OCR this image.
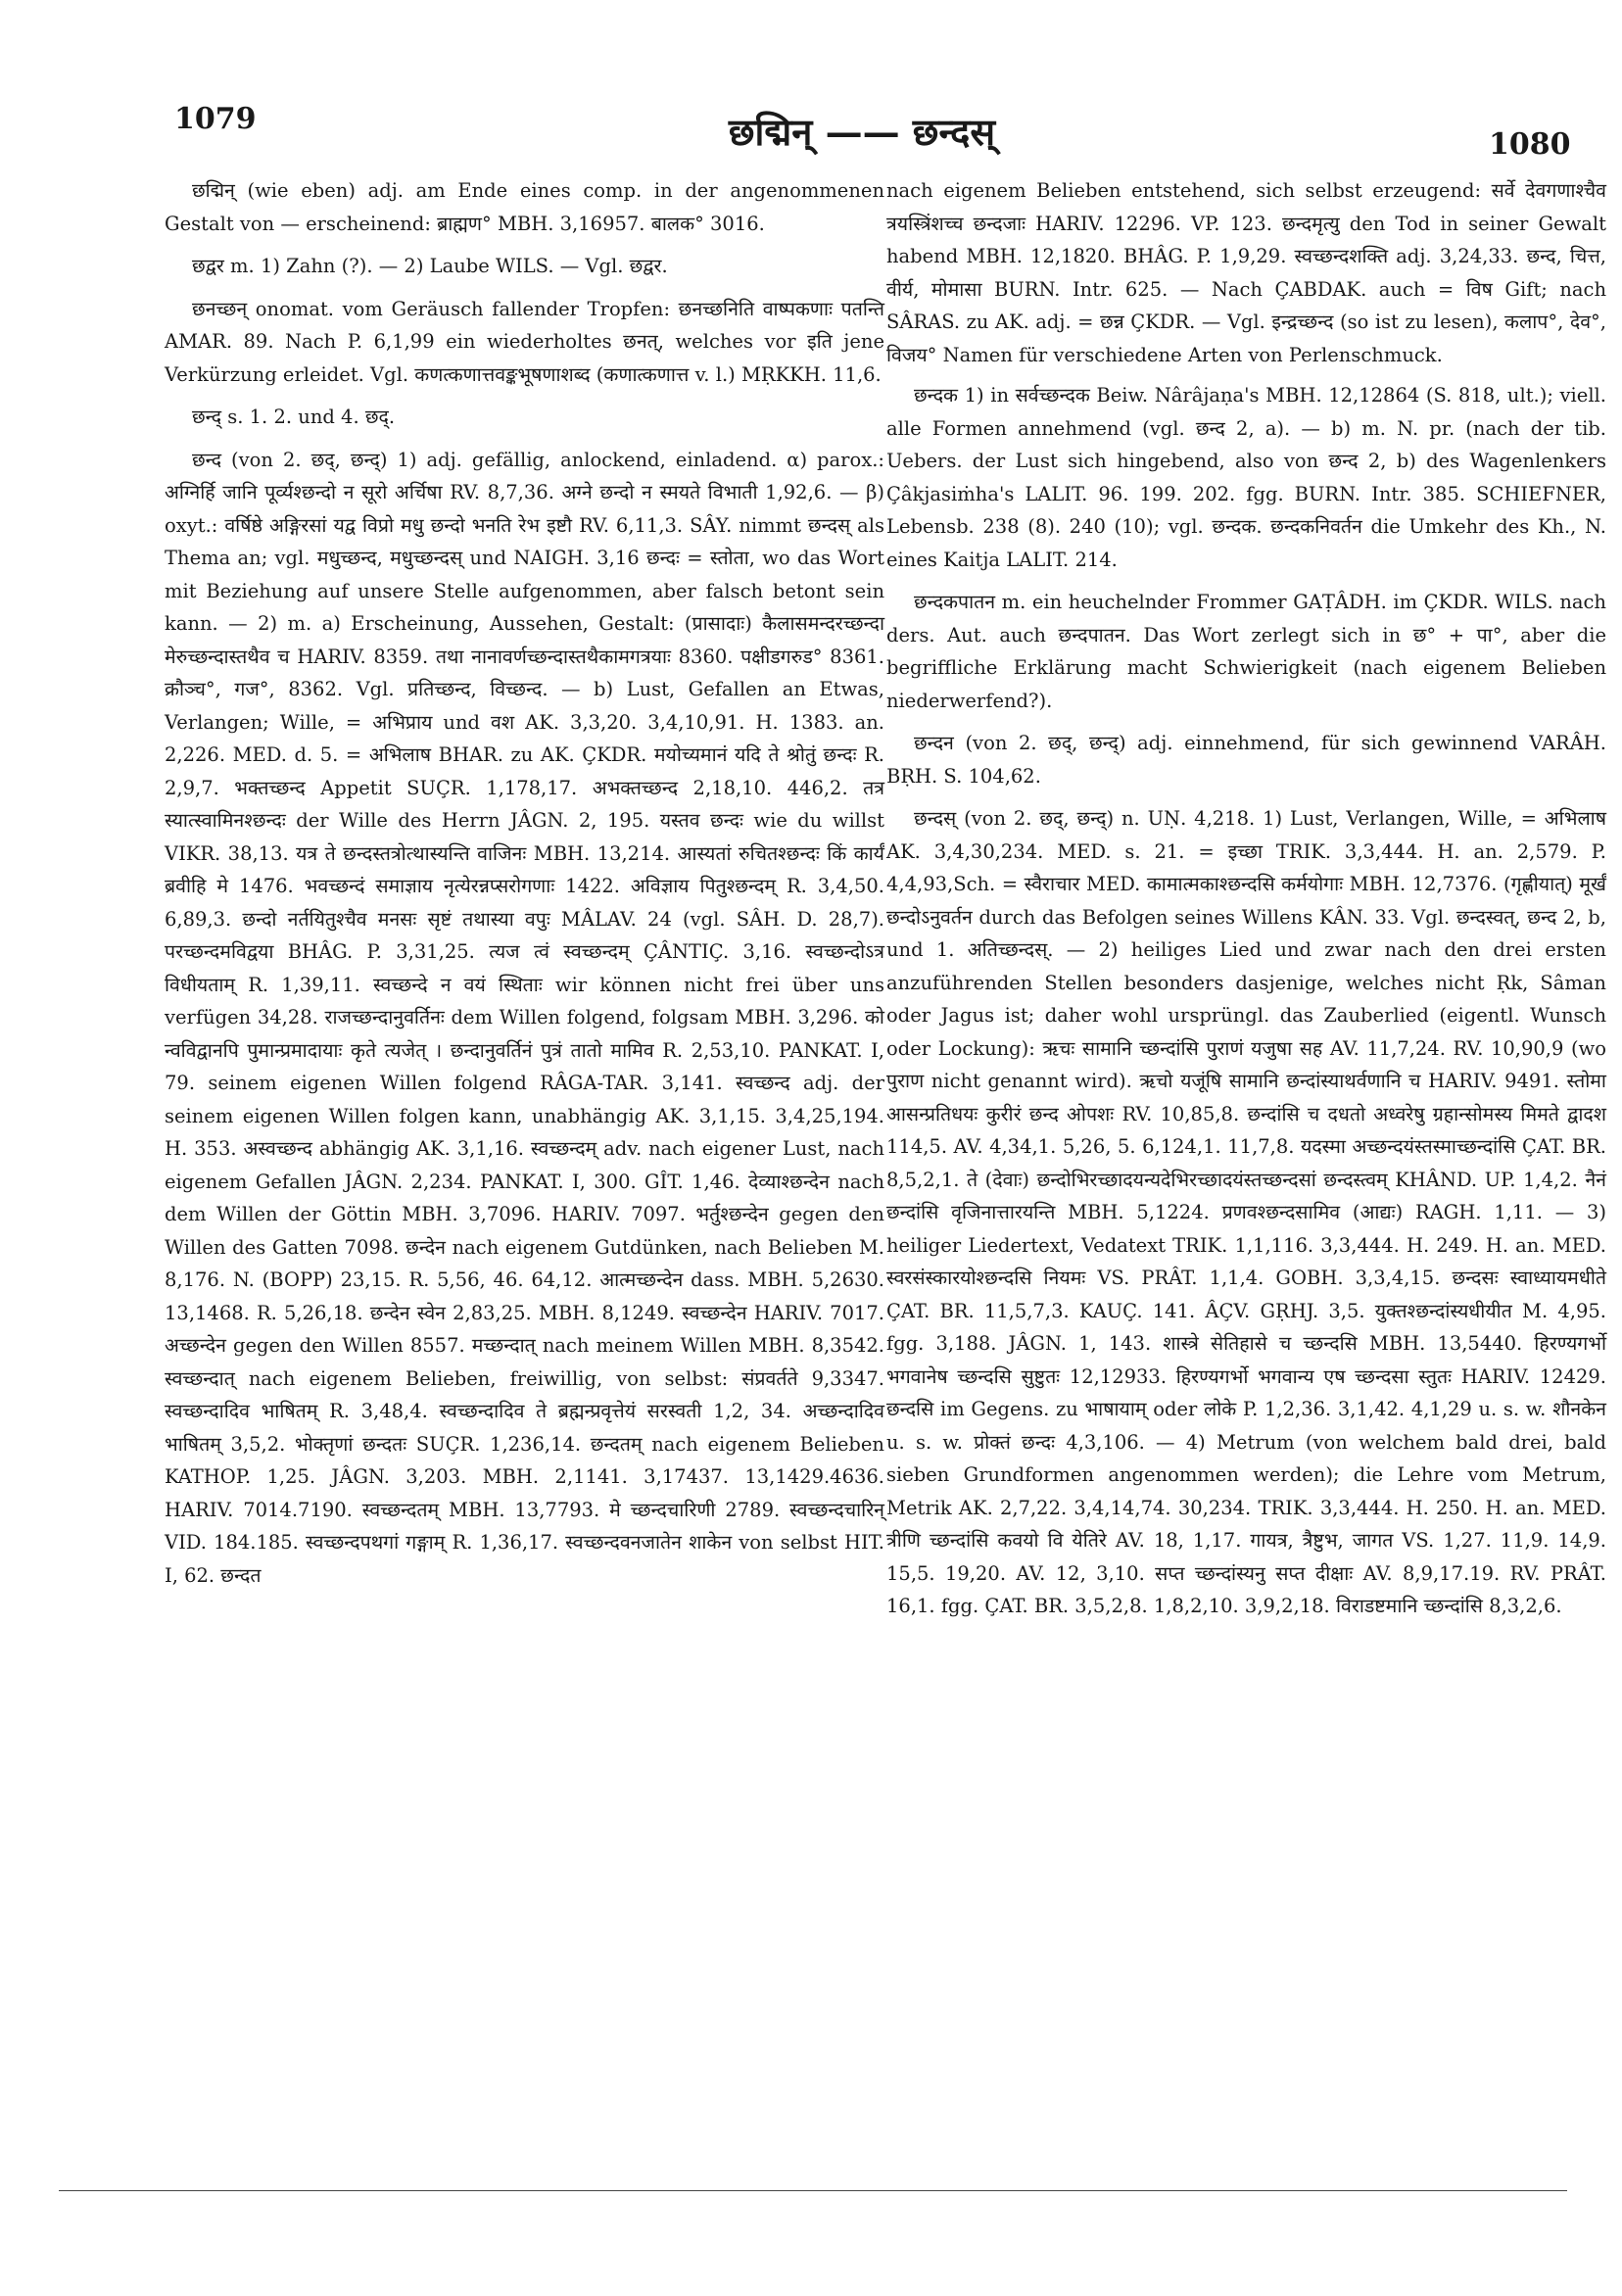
1079	छद्मिन् —— छन्दस्	1080

छद्मिन् (wie eben) adj. am Ende eines comp. in der angenommenen Gestalt von — erscheinend: ब्राह्मण° MBH. 3,16957. बालक° 3016.

छद्वर m. 1) Zahn (?). — 2) Laube WILS. — Vgl. छद्वर.

छनच्छन् onomat. vom Geräusch fallender Tropfen: छनच्छनिति वाष्पकणाः पतन्ति AMAR. 89. Nach P. 6,1,99 ein wiederholtes छनत्, welches vor इति jene Verkürzung erleidet. Vgl. कणत्कणात्तवङ्कभूषणाशब्द (कणात्कणात्त v. l.) MṚKKH. 11,6.

छन्द् s. 1. 2. und 4. छद्.

छन्द (von 2. छद्, छन्द्) 1) adj. gefällig, anlockend, einladend. α) parox.: अग्निर्हि जानि पूर्व्यश्छन्दो न सूरो अर्चिषा RV. 8,7,36. अग्ने छन्दो न स्मयते विभाती 1,92,6. — β) oxyt.: वर्षिष्ठे अङ्गिरसां यद्व विप्रो मधु छन्दो भनति रेभ इष्टौ RV. 6,11,3. SÂY. nimmt छन्दस् als Thema an; vgl. मधुच्छन्द, मधुच्छन्दस् und NAIGH. 3,16 छन्दः = स्तोता, wo das Wort mit Beziehung auf unsere Stelle aufgenommen, aber falsch betont sein kann. — 2) m. a) Erscheinung, Aussehen, Gestalt: (प्रासादाः) कैलासमन्दरच्छन्दा मेरुच्छन्दास्तथैव च HARIV. 8359. तथा नानावर्णच्छन्दास्तथैकामगत्रयाः 8360. पक्षीडगरुड° 8361. क्रौञ्च°, गज°, 8362. Vgl. प्रतिच्छन्द, विच्छन्द. — b) Lust, Gefallen an Etwas, Verlangen; Wille, = अभिप्राय und वश AK. 3,3,20. 3,4,10,91. H. 1383. an. 2,226. MED. d. 5. = अभिलाष BHAR. zu AK. ÇKDR. मयोच्यमानं यदि ते श्रोतुं छन्दः R. 2,9,7. भक्तच्छन्द Appetit SUÇR. 1,178,17. अभक्तच्छन्द 2,18,10. 446,2. तत्र स्यात्स्वामिनश्छन्दः der Wille des Herrn JÂGN. 2, 195. यस्तव छन्दः wie du willst VIKR. 38,13. यत्र ते छन्दस्तत्रोत्थास्यन्ति वाजिनः MBH. 13,214. आस्यतां रुचितश्छन्दः किं कार्यं ब्रवीहि मे 1476. भवच्छन्दं समाज्ञाय नृत्येरन्नप्सरोगणाः 1422. अविज्ञाय पितुश्छन्दम् R. 3,4,50. 6,89,3. छन्दो नर्तयितुश्चैव मनसः सृष्टं तथास्या वपुः MÂLAV. 24 (vgl. SÂH. D. 28,7). परच्छन्दमविद्वया BHÂG. P. 3,31,25. त्यज त्वं स्वच्छन्दम् ÇÂNTIÇ. 3,16. स्वच्छन्दोऽत्र विधीयताम् R. 1,39,11. स्वच्छन्दे न वयं स्थिताः wir können nicht frei über uns verfügen 34,28. राजच्छन्दानुवर्तिनः dem Willen folgend, folgsam MBH. 3,296. को न्वविद्वानपि पुमान्प्रमादायाः कृते त्यजेत् । छन्दानुवर्तिनं पुत्रं तातो मामिव R. 2,53,10. PANKAT. I, 79. seinem eigenen Willen folgend RÂGA-TAR. 3,141. स्वच्छन्द adj. der seinem eigenen Willen folgen kann, unabhängig AK. 3,1,15. 3,4,25,194. H. 353. अस्वच्छन्द abhängig AK. 3,1,16. स्वच्छन्दम् adv. nach eigener Lust, nach eigenem Gefallen JÂGN. 2,234. PANKAT. I, 300. GÎT. 1,46. देव्याश्छन्देन nach dem Willen der Göttin MBH. 3,7096. HARIV. 7097. भर्तुश्छन्देन gegen den Willen des Gatten 7098. छन्देन nach eigenem Gutdünken, nach Belieben M. 8,176. N. (BOPP) 23,15. R. 5,56, 46. 64,12. आत्मच्छन्देन dass. MBH. 5,2630. 13,1468. R. 5,26,18. छन्देन स्वेन 2,83,25. MBH. 8,1249. स्वच्छन्देन HARIV. 7017. अच्छन्देन gegen den Willen 8557. मच्छन्दात् nach meinem Willen MBH. 8,3542. स्वच्छन्दात् nach eigenem Belieben, freiwillig, von selbst: संप्रवर्तते 9,3347. स्वच्छन्दादिव भाषितम् R. 3,48,4. स्वच्छन्दादिव ते ब्रह्मन्प्रवृत्तेयं सरस्वती 1,2, 34. अच्छन्दादिव भाषितम् 3,5,2. भोक्तृणां छन्दतः SUÇR. 1,236,14. छन्दतम् nach eigenem Belieben KATHOP. 1,25. JÂGN. 3,203. MBH. 2,1141. 3,17437. 13,1429.4636. HARIV. 7014.7190. स्वच्छन्दतम् MBH. 13,7793. मे च्छन्दचारिणी 2789. स्वच्छन्दचारिन् VID. 184.185. स्वच्छन्दपथगां गङ्गाम् R. 1,36,17. स्वच्छन्दवनजातेन शाकेन von selbst HIT. I, 62. छन्दत

nach eigenem Belieben entstehend, sich selbst erzeugend: सर्वे देवगणाश्चैव त्रयस्त्रिंशच्च छन्दजाः HARIV. 12296. VP. 123. छन्दमृत्यु den Tod in seiner Gewalt habend MBH. 12,1820. BHÂG. P. 1,9,29. स्वच्छन्दशक्ति adj. 3,24,33. छन्द, चित्त, वीर्य, मोमासा BURN. Intr. 625. — Nach ÇABDAK. auch = विष Gift; nach SÂRAS. zu AK. adj. = छन्न ÇKDR. — Vgl. इन्द्रच्छन्द (so ist zu lesen), कलाप°, देव°, विजय° Namen für verschiedene Arten von Perlenschmuck.

छन्दक 1) in सर्वच्छन्दक Beiw. Nârâjaṇa's MBH. 12,12864 (S. 818, ult.); viell. alle Formen annehmend (vgl. छन्द 2, a). — b) m. N. pr. (nach der tib. Uebers. der Lust sich hingebend, also von छन्द 2, b) des Wagenlenkers Çâkjasiṁha's LALIT. 96. 199. 202. fgg. BURN. Intr. 385. SCHIEFNER, Lebensb. 238 (8). 240 (10); vgl. छन्दक. छन्दकनिवर्तन die Umkehr des Kh., N. eines Kaitja LALIT. 214.

छन्दकपातन m. ein heuchelnder Frommer GAṬÂDH. im ÇKDR. WILS. nach ders. Aut. auch छन्दपातन. Das Wort zerlegt sich in छ° + पा°, aber die begriffliche Erklärung macht Schwierigkeit (nach eigenem Belieben niederwerfend?).

छन्दन (von 2. छद्, छन्द्) adj. einnehmend, für sich gewinnend VARÂH. BṚH. S. 104,62.

छन्दस् (von 2. छद्, छन्द्) n. UṆ. 4,218. 1) Lust, Verlangen, Wille, = अभिलाष AK. 3,4,30,234. MED. s. 21. = इच्छा TRIK. 3,3,444. H. an. 2,579. P. 4,4,93,Sch. = स्वैराचार MED. कामात्मकाश्छन्दसि कर्मयोगाः MBH. 12,7376. (गृह्णीयात्) मूर्खं छन्दोऽनुवर्तन durch das Befolgen seines Willens KÂN. 33. Vgl. छन्दस्वत्, छन्द 2, b, und 1. अतिच्छन्दस्. — 2) heiliges Lied und zwar nach den drei ersten anzuführenden Stellen besonders dasjenige, welches nicht Ṛk, Sâman oder Jagus ist; daher wohl ursprüngl. das Zauberlied (eigentl. Wunsch oder Lockung): ऋचः सामानि च्छन्दांसि पुराणं यजुषा सह AV. 11,7,24. RV. 10,90,9 (wo पुराण nicht genannt wird). ऋचो यजूंषि सामानि छन्दांस्याथर्वणानि च HARIV. 9491. स्तोमा आसन्प्रतिधयः कुरीरं छन्द ओपशः RV. 10,85,8. छन्दांसि च दधतो अध्वरेषु ग्रहान्सोमस्य मिमते द्वादश 114,5. AV. 4,34,1. 5,26, 5. 6,124,1. 11,7,8. यदस्मा अच्छन्दयंस्तस्माच्छन्दांसि ÇAT. BR. 8,5,2,1. ते (देवाः) छन्दोभिरच्छादयन्यदेभिरच्छादयंस्तच्छन्दसां छन्दस्त्वम् KHÂND. UP. 1,4,2. नैनं छन्दांसि वृजिनात्तारयन्ति MBH. 5,1224. प्रणवश्छन्दसामिव (आद्यः) RAGH. 1,11. — 3) heiliger Liedertext, Vedatext TRIK. 1,1,116. 3,3,444. H. 249. H. an. MED. स्वरसंस्कारयोश्छन्दसि नियमः VS. PRÂT. 1,1,4. GOBH. 3,3,4,15. छन्दसः स्वाध्यायमधीते ÇAT. BR. 11,5,7,3. KAUÇ. 141. ÂÇV. GṚHJ. 3,5. युक्तश्छन्दांस्यधीयीत M. 4,95. fgg. 3,188. JÂGN. 1, 143. शास्त्रे सेतिहासे च च्छन्दसि MBH. 13,5440. हिरण्यगर्भो भगवानेष च्छन्दसि सुष्टुतः 12,12933. हिरण्यगर्भो भगवान्य एष च्छन्दसा स्तुतः HARIV. 12429. छन्दसि im Gegens. zu भाषायाम् oder लोके P. 1,2,36. 3,1,42. 4,1,29 u. s. w. शौनकेन u. s. w. प्रोक्तं छन्दः 4,3,106. — 4) Metrum (von welchem bald drei, bald sieben Grundformen angenommen werden); die Lehre vom Metrum, Metrik AK. 2,7,22. 3,4,14,74. 30,234. TRIK. 3,3,444. H. 250. H. an. MED. त्रीणि च्छन्दांसि कवयो वि येतिरे AV. 18, 1,17. गायत्र, त्रैष्टुभ, जागत VS. 1,27. 11,9. 14,9. 15,5. 19,20. AV. 12, 3,10. सप्त च्छन्दांस्यनु सप्त दीक्षाः AV. 8,9,17.19. RV. PRÂT. 16,1. fgg. ÇAT. BR. 3,5,2,8. 1,8,2,10. 3,9,2,18. विराडष्टमानि च्छन्दांसि 8,3,2,6.
